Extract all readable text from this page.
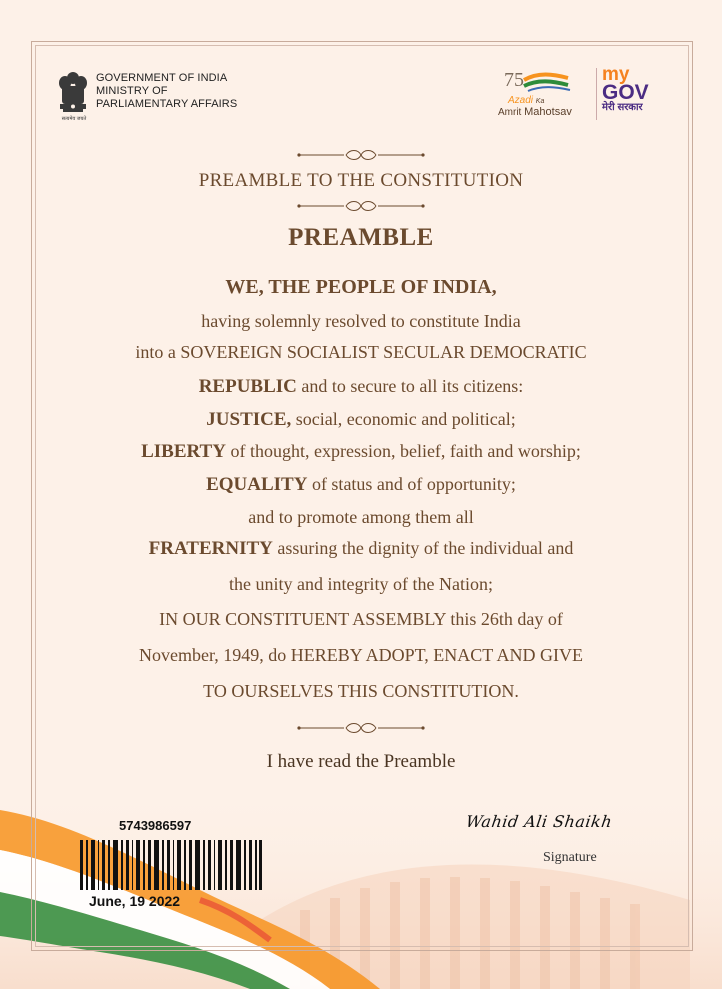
सत्यमेव जयते
GOVERNMENT OF INDIA
MINISTRY OF
PARLIAMENTARY AFFAIRS
75
Azadi Ka
Amrit Mahotsav
my
GOV
मेरी सरकार
PREAMBLE TO THE CONSTITUTION
PREAMBLE
WE, THE PEOPLE OF INDIA,
having solemnly resolved to constitute India
into a SOVEREIGN SOCIALIST SECULAR DEMOCRATIC
REPUBLIC and to secure to all its citizens:
JUSTICE, social, economic and political;
LIBERTY of thought, expression, belief, faith and worship;
EQUALITY of status and of opportunity;
and to promote among them all
FRATERNITY assuring the dignity of the individual and
the unity and integrity of the Nation;
IN OUR CONSTITUENT ASSEMBLY this 26th day of
November, 1949, do HEREBY ADOPT, ENACT AND GIVE
TO OURSELVES THIS CONSTITUTION.
I have read the Preamble
Wahid Ali Shaikh
Signature
5743986597
June, 19 2022
